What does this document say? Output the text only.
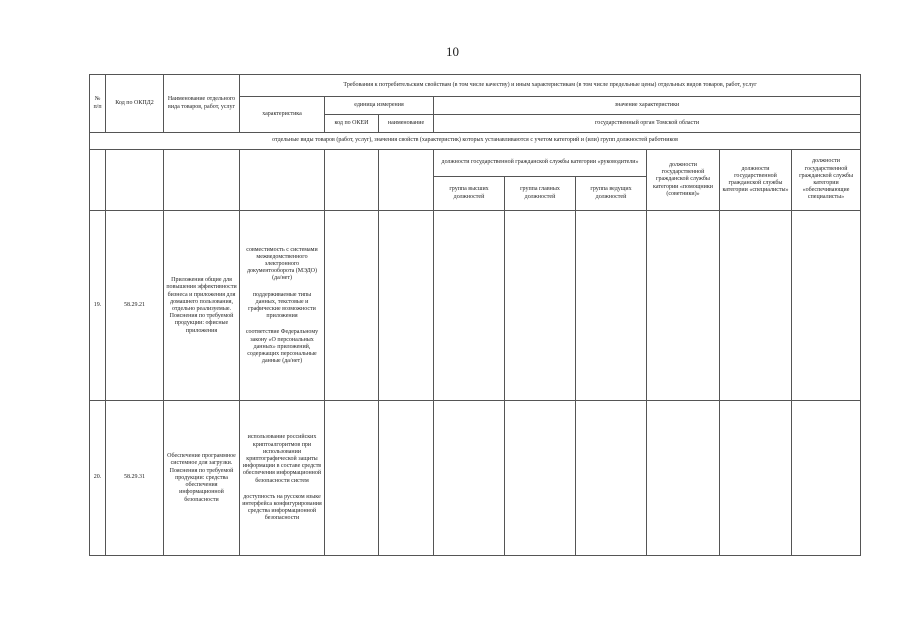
10
№ п/п	Код по ОКПД2	Наименование отдельного вида товаров, работ, услуг	Требования к потребительским свойствам (в том числе качеству) и иным характеристикам (в том числе предельные цены) отдельных видов товаров, работ, услуг								
			характеристика	единица измерения		значение характеристики					
				код по ОКЕИ	наименование	государственный орган Томской области					
отдельные виды товаров (работ, услуг), значения свойств (характеристик) которых устанавливаются с учетом категорий и (или) групп должностей работников											
						должности государственной гражданской службы категории «руководители»			должности государственной гражданской службы категории «помощники (советники)»	должности государственной гражданской службы категории «специалисты»	должности государственной гражданской службы категории «обеспечивающие специалисты»
						группа высших должностей	группа главных должностей	группа ведущих должностей			
19.	58.29.21	Приложения общие для повышения эффективности бизнеса и приложения для домашнего пользования, отдельно реализуемые. Пояснения по требуемой продукции: офисные приложения	совместимость с системами межведомственного электронного документооборота (МЭДО) (да/нет)
поддерживаемые типы данных, текстовые и графические возможности приложения
соответствие Федеральному закону «О персональных данных» приложений, содержащих персональные данные (да/нет)								

20.	58.29.31	Обеспечение программное системное для загрузки. Пояснения по требуемой продукции: средства обеспечения информационной безопасности	использование российских криптоалгоритмов при использовании криптографической защиты информации в составе средств обеспечения информационной безопасности систем
доступность на русском языке интерфейса конфигурирования средства информационной безопасности								
